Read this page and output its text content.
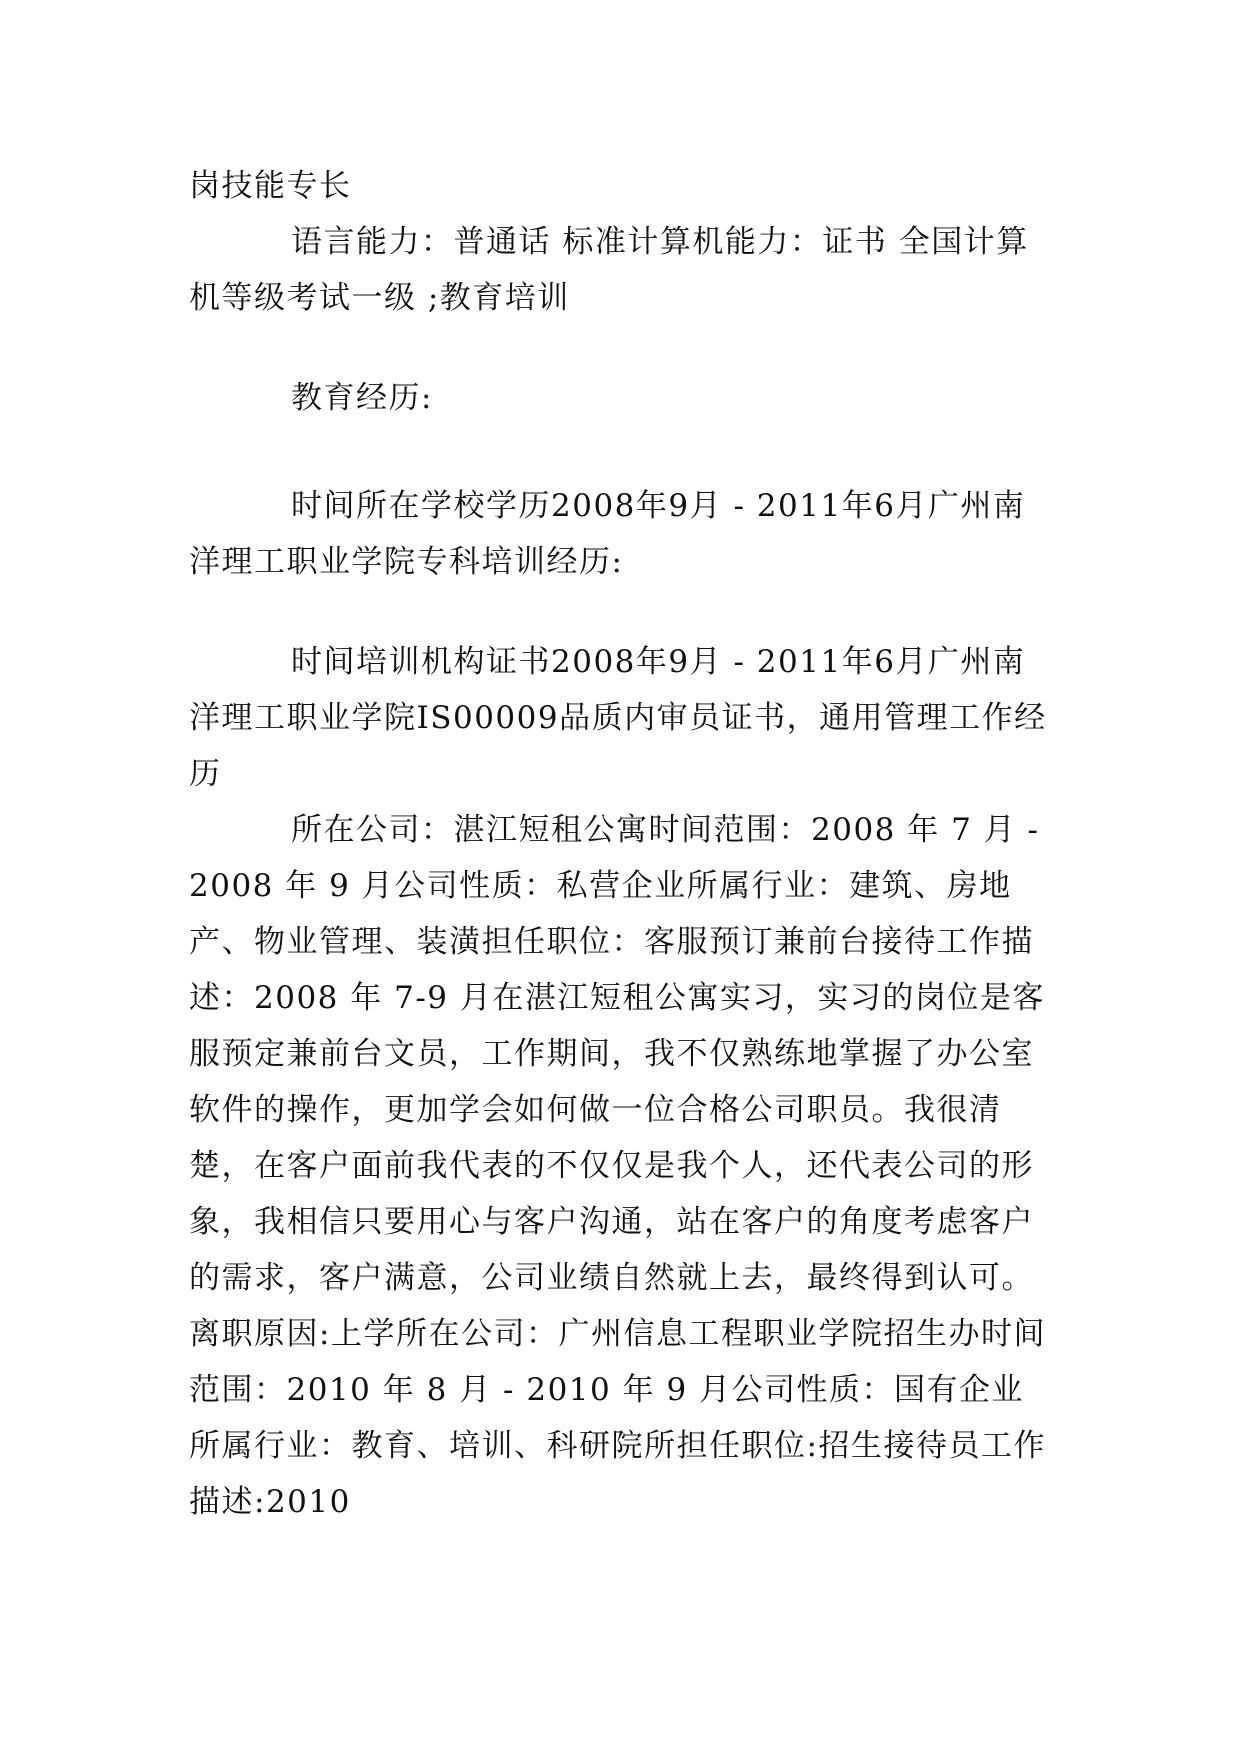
岗技能专长

语言能力：普通话 标准计算机能力：证书 全国计算机等级考试一级 ;教育培训

教育经历:

时间所在学校学历2008年9月 - 2011年6月广州南洋理工职业学院专科培训经历:

时间培训机构证书2008年9月 - 2011年6月广州南洋理工职业学院IS00009品质内审员证书，通用管理工作经历

所在公司：湛江短租公寓时间范围：2008 年 7 月 - 2008 年 9 月公司性质：私营企业所属行业：建筑、房地产、物业管理、装潢担任职位：客服预订兼前台接待工作描述：2008 年 7-9 月在湛江短租公寓实习，实习的岗位是客服预定兼前台文员，工作期间，我不仅熟练地掌握了办公室软件的操作，更加学会如何做一位合格公司职员。我很清楚，在客户面前我代表的不仅仅是我个人，还代表公司的形象，我相信只要用心与客户沟通，站在客户的角度考虑客户的需求，客户满意，公司业绩自然就上去，最终得到认可。离职原因:上学所在公司：广州信息工程职业学院招生办时间范围：2010 年 8 月 - 2010 年 9 月公司性质：国有企业所属行业：教育、培训、科研院所担任职位:招生接待员工作描述:2010
